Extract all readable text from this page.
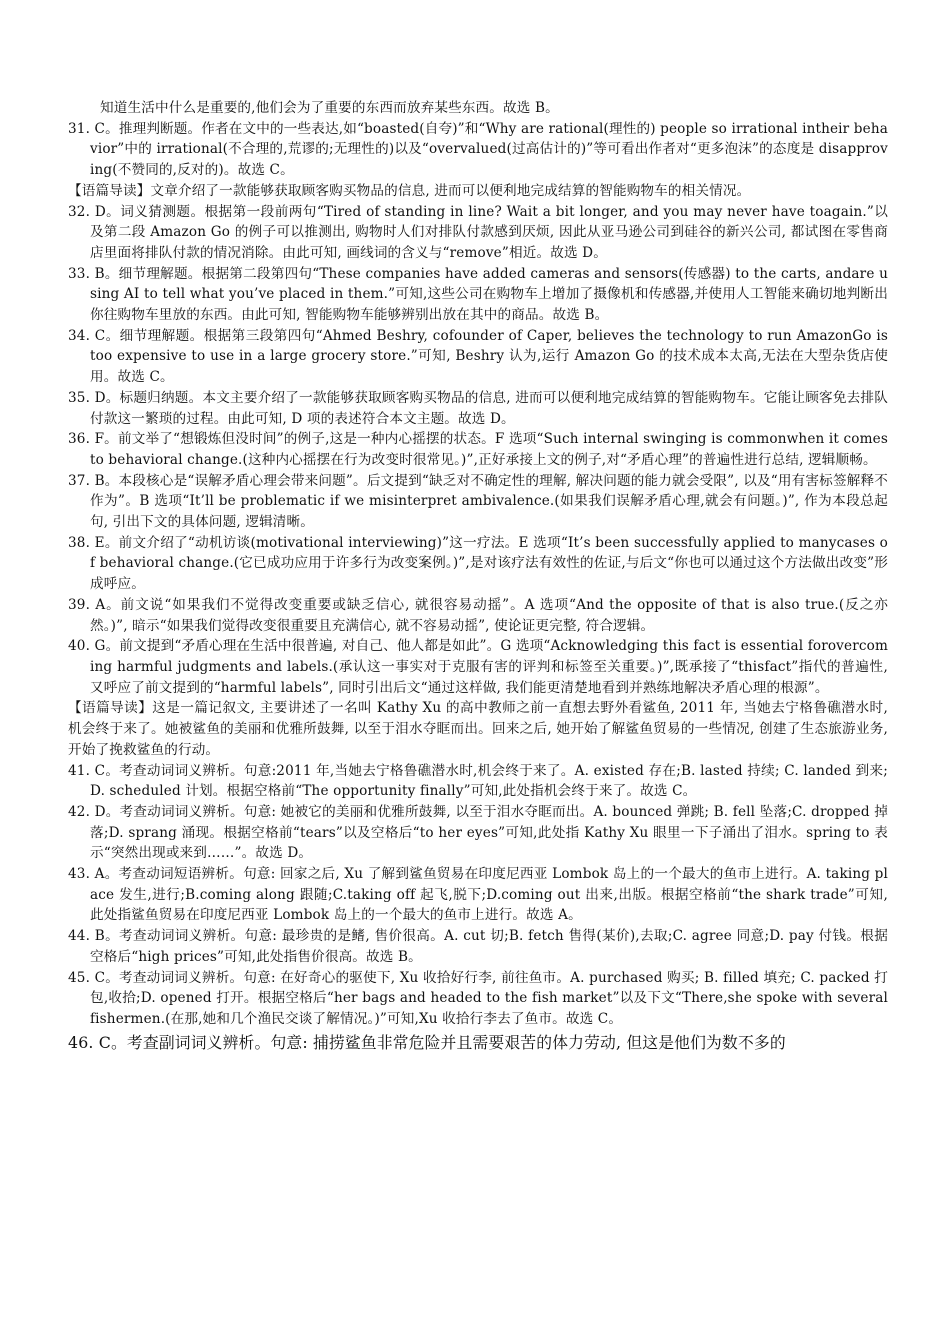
知道生活中什么是重要的,他们会为了重要的东西而放弃某些东西。故选 B。
31. C。推理判断题。作者在文中的一些表达,如“boasted(自夸)”和“Why are rational(理性的) people so irrational intheir behavior”中的 irrational(不合理的,荒谬的;无理性的)以及“overvalued(过高估计的)”等可看出作者对“更多泡沫”的态度是 disapproving(不赞同的,反对的)。故选 C。
【语篇导读】文章介绍了一款能够获取顾客购买物品的信息, 进而可以便利地完成结算的智能购物车的相关情况。
32. D。词义猜测题。根据第一段前两句“Tired of standing in line? Wait a bit longer, and you may never have toagain.”以及第二段 Amazon Go 的例子可以推测出, 购物时人们对排队付款感到厌烦, 因此从亚马逊公司到硅谷的新兴公司, 都试图在零售商店里面将排队付款的情况消除。由此可知, 画线词的含义与“remove”相近。故选 D。
33. B。细节理解题。根据第二段第四句“These companies have added cameras and sensors(传感器) to the carts, andare using AI to tell what you’ve placed in them.”可知,这些公司在购物车上增加了摄像机和传感器,并使用人工智能来确切地判断出你往购物车里放的东西。由此可知, 智能购物车能够辨别出放在其中的商品。故选 B。
34. C。细节理解题。根据第三段第四句“Ahmed Beshry, cofounder of Caper, believes the technology to run AmazonGo is too expensive to use in a large grocery store.”可知, Beshry 认为,运行 Amazon Go 的技术成本太高,无法在大型杂货店使用。故选 C。
35. D。标题归纳题。本文主要介绍了一款能够获取顾客购买物品的信息, 进而可以便利地完成结算的智能购物车。它能让顾客免去排队付款这一繁琐的过程。由此可知, D 项的表述符合本文主题。故选 D。
36. F。前文举了“想锻炼但没时间”的例子,这是一种内心摇摆的状态。F 选项“Such internal swinging is commonwhen it comes to behavioral change.(这种内心摇摆在行为改变时很常见。)”,正好承接上文的例子,对“矛盾心理”的普遍性进行总结, 逻辑顺畅。
37. B。本段核心是“误解矛盾心理会带来问题”。后文提到“缺乏对不确定性的理解, 解决问题的能力就会受限”, 以及“用有害标签解释不作为”。B 选项“It’ll be problematic if we misinterpret ambivalence.(如果我们误解矛盾心理,就会有问题。)”, 作为本段总起句, 引出下文的具体问题, 逻辑清晰。
38. E。前文介绍了“动机访谈(motivational interviewing)”这一疗法。E 选项“It’s been successfully applied to manycases of behavioral change.(它已成功应用于许多行为改变案例。)”,是对该疗法有效性的佐证,与后文“你也可以通过这个方法做出改变”形成呼应。
39. A。前文说“如果我们不觉得改变重要或缺乏信心, 就很容易动摇”。A 选项“And the opposite of that is also true.(反之亦然。)”, 暗示“如果我们觉得改变很重要且充满信心, 就不容易动摇”, 使论证更完整, 符合逻辑。
40. G。前文提到“矛盾心理在生活中很普遍, 对自己、他人都是如此”。G 选项“Acknowledging this fact is essential forovercoming harmful judgments and labels.(承认这一事实对于克服有害的评判和标签至关重要。)”,既承接了“thisfact”指代的普遍性, 又呼应了前文提到的“harmful labels”, 同时引出后文“通过这样做, 我们能更清楚地看到并熟练地解决矛盾心理的根源”。
【语篇导读】这是一篇记叙文, 主要讲述了一名叫 Kathy Xu 的高中教师之前一直想去野外看鲨鱼, 2011 年, 当她去宁格鲁礁潜水时, 机会终于来了。她被鲨鱼的美丽和优雅所鼓舞, 以至于泪水夺眶而出。回来之后, 她开始了解鲨鱼贸易的一些情况, 创建了生态旅游业务, 开始了挽救鲨鱼的行动。
41. C。考查动词词义辨析。句意:2011 年,当她去宁格鲁礁潜水时,机会终于来了。A. existed 存在;B. lasted 持续; C. landed 到来;D. scheduled 计划。根据空格前“The opportunity finally”可知,此处指机会终于来了。故选 C。
42. D。考查动词词义辨析。句意: 她被它的美丽和优雅所鼓舞, 以至于泪水夺眶而出。A. bounced 弹跳; B. fell 坠落;C. dropped 掉落;D. sprang 涌现。根据空格前“tears”以及空格后“to her eyes”可知,此处指 Kathy Xu 眼里一下子涌出了泪水。spring to 表示“突然出现或来到……”。故选 D。
43. A。考查动词短语辨析。句意: 回家之后, Xu 了解到鲨鱼贸易在印度尼西亚 Lombok 岛上的一个最大的鱼市上进行。A. taking place 发生,进行;B.coming along 跟随;C.taking off 起飞,脱下;D.coming out 出来,出版。根据空格前“the shark trade”可知, 此处指鲨鱼贸易在印度尼西亚 Lombok 岛上的一个最大的鱼市上进行。故选 A。
44. B。考查动词词义辨析。句意: 最珍贵的是鳍, 售价很高。A. cut 切;B. fetch 售得(某价),去取;C. agree 同意;D. pay 付钱。根据空格后“high prices”可知,此处指售价很高。故选 B。
45. C。考查动词词义辨析。句意: 在好奇心的驱使下, Xu 收拾好行李, 前往鱼市。A. purchased 购买; B. filled 填充; C. packed 打包,收拾;D. opened 打开。根据空格后“her bags and headed to the fish market”以及下文“There,she spoke with several fishermen.(在那,她和几个渔民交谈了解情况。)”可知,Xu 收拾行李去了鱼市。故选 C。
46. C。考查副词词义辨析。句意: 捕捞鲨鱼非常危险并且需要艰苦的体力劳动, 但这是他们为数不多的
